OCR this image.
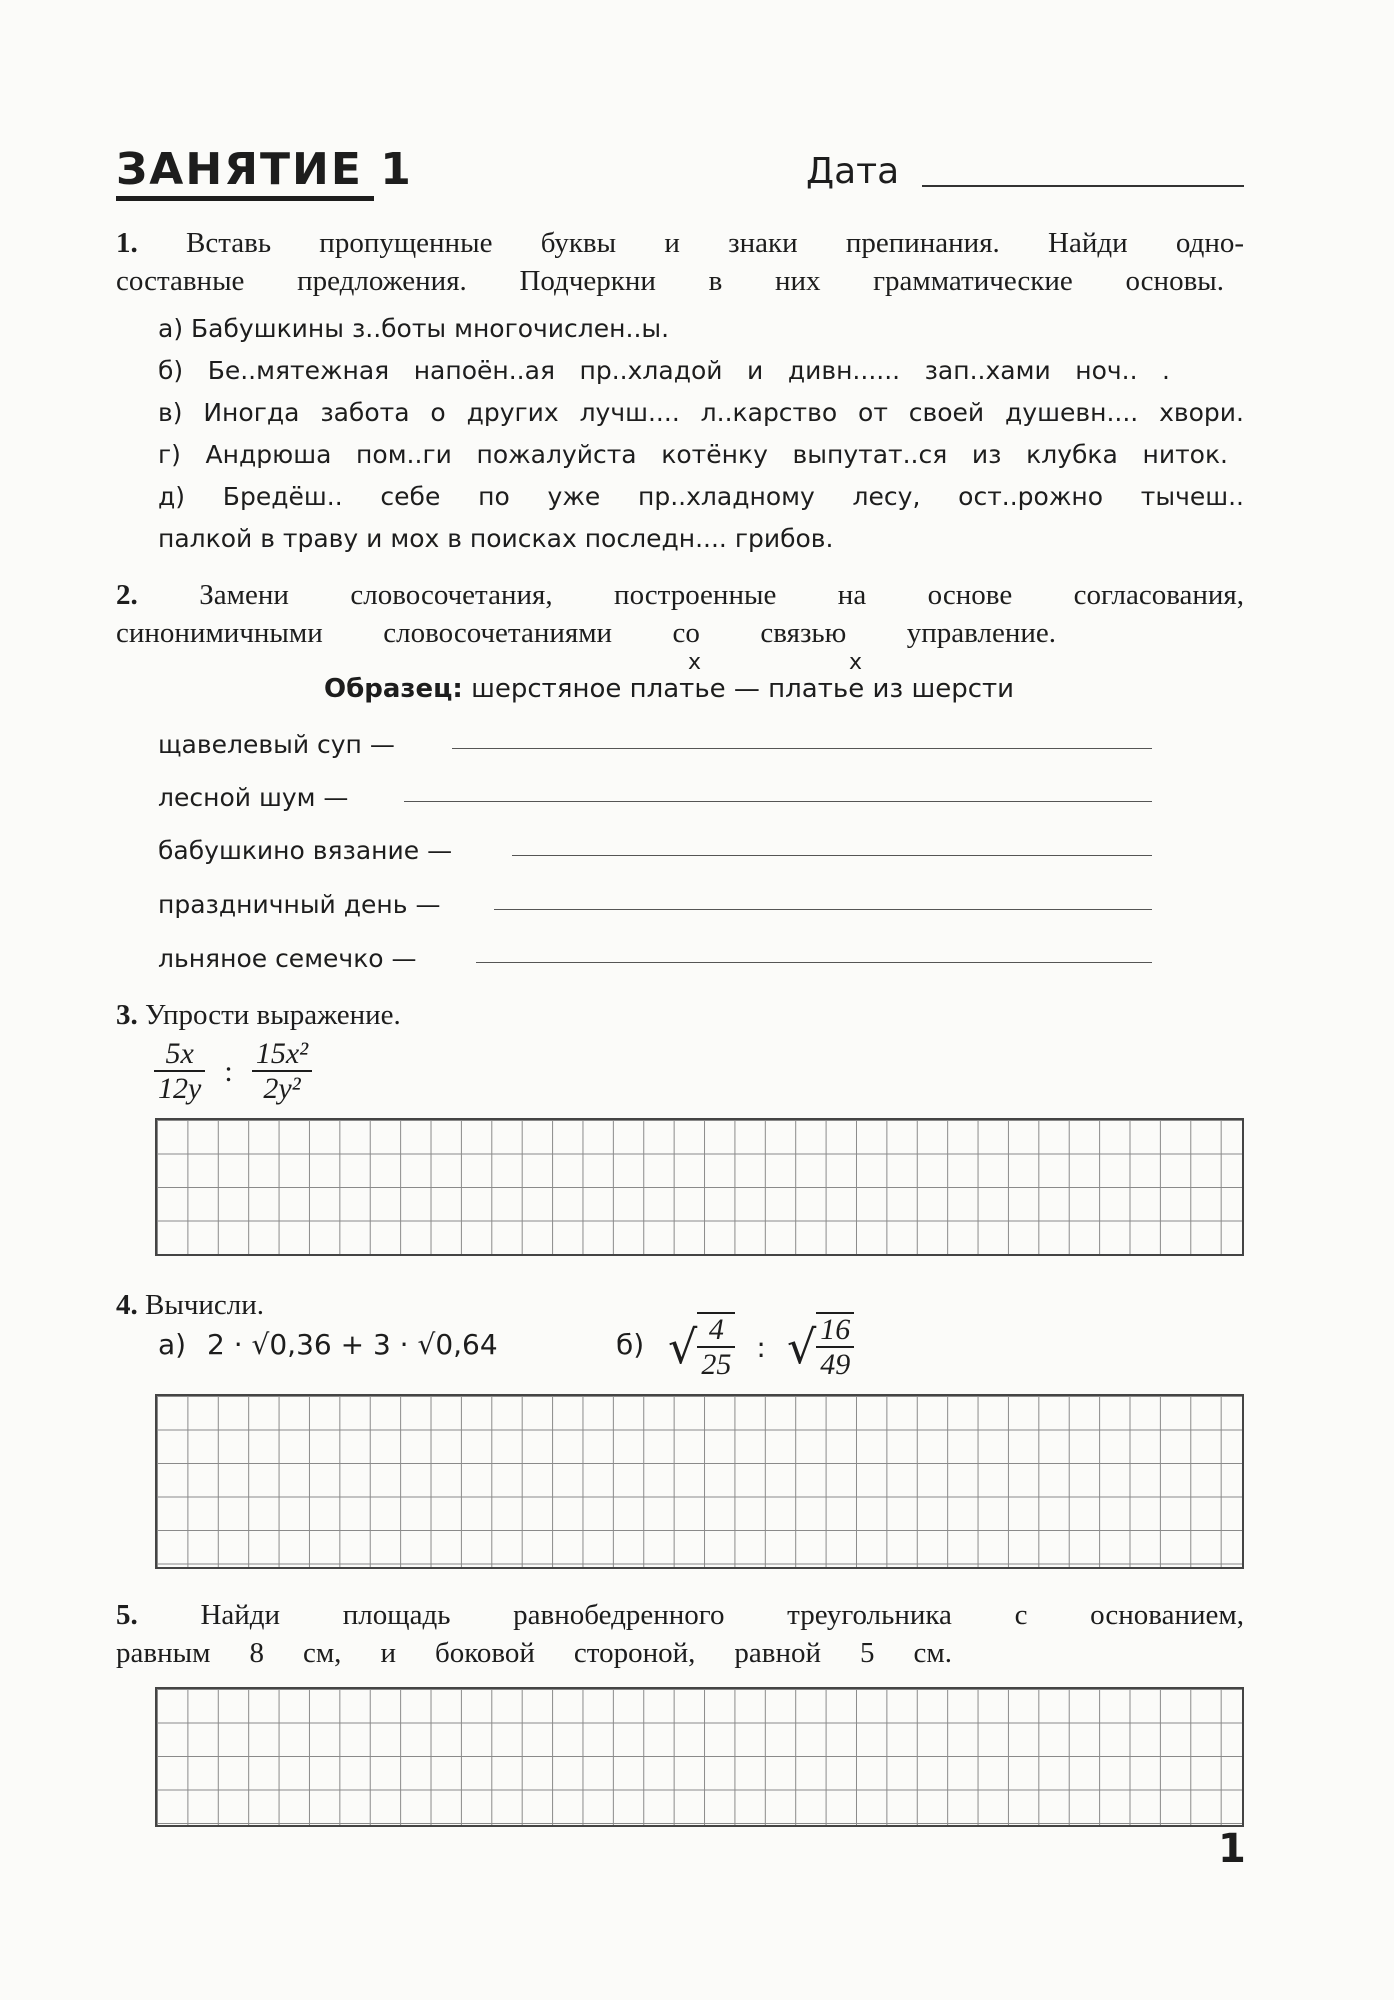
ЗАНЯТИЕ 1	Дата
1. Вставь пропущенные буквы и знаки препинания. Найди одно-
составные предложения. Подчеркни в них грамматические основы.
а) Бабушкины з..боты многочислен..ы.
б) Бе..мятежная напоён..ая пр..хладой и дивн...... зап..хами ноч.. .
в) Иногда забота о других лучш.... л..карство от своей душевн.... хвори.
г) Андрюша пом..ги пожалуйста котёнку выпутат..ся из клубка ниток.
д) Бредёш.. себе по уже пр..хладному лесу, ост..рожно тычеш..
палкой в траву и мох в поисках последн.... грибов.
2. Замени словосочетания, построенные на основе согласования,
синонимичными словосочетаниями со связью управление.
х	х
Образец: шерстяное платье — платье из шерсти
щавелевый суп —
лесной шум —
бабушкино вязание —
праздничный день —
льняное семечко —
3. Упрости выражение.
$\frac{5x}{12y}$ : $\frac{\text{15x²}}{\text{2y²}}$
4. Вычисли.
а) 2 · √0,36 + 3 · √0,64	б) √ $\frac{4}{25}$ : √ $\frac{16}{49}$
5. Найди площадь равнобедренного треугольника с основанием,
равным 8 см, и боковой стороной, равной 5 см.
1
